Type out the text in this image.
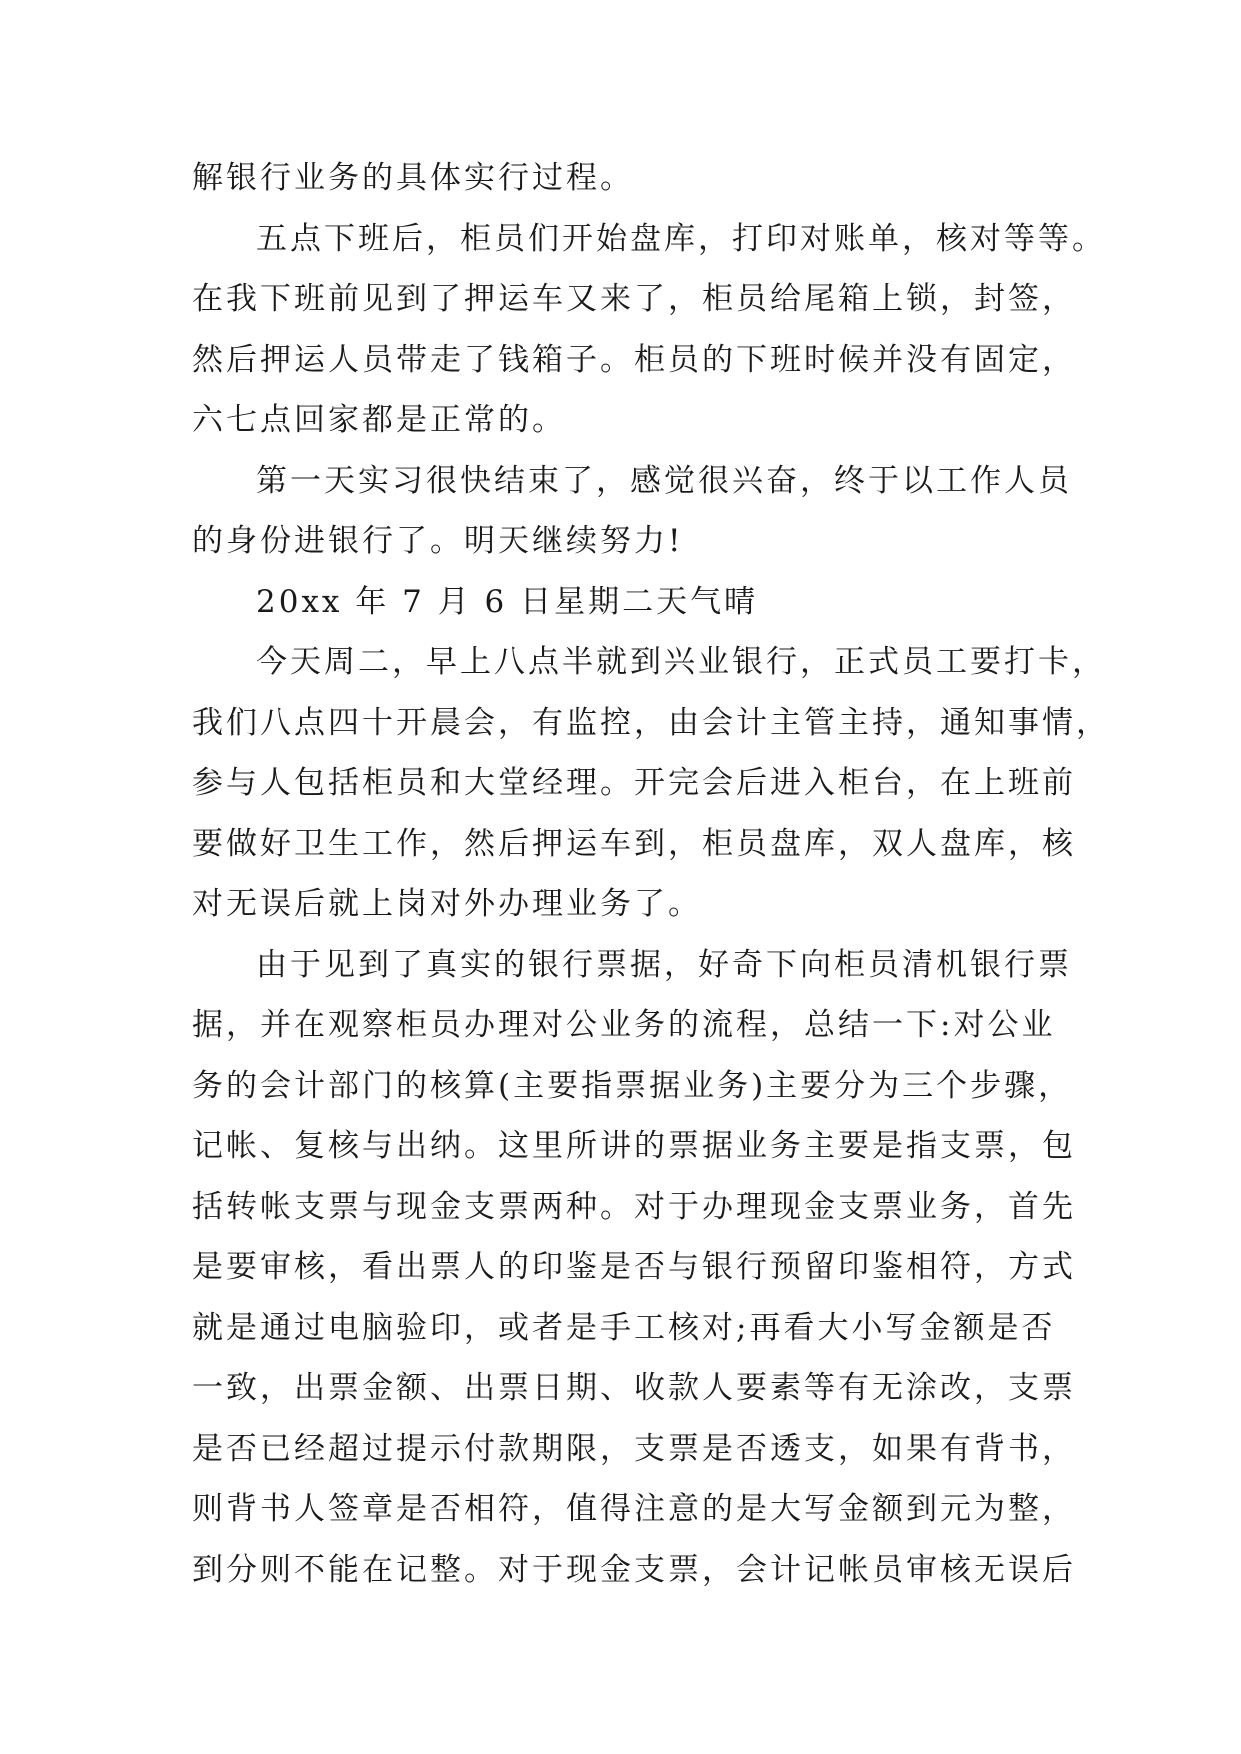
解银行业务的具体实行过程。
五点下班后，柜员们开始盘库，打印对账单，核对等等。
在我下班前见到了押运车又来了，柜员给尾箱上锁，封签，
然后押运人员带走了钱箱子。柜员的下班时候并没有固定，
六七点回家都是正常的。
第一天实习很快结束了，感觉很兴奋，终于以工作人员
的身份进银行了。明天继续努力!
20xx 年 7 月 6 日星期二天气晴
今天周二，早上八点半就到兴业银行，正式员工要打卡，
我们八点四十开晨会，有监控，由会计主管主持，通知事情，
参与人包括柜员和大堂经理。开完会后进入柜台，在上班前
要做好卫生工作，然后押运车到，柜员盘库，双人盘库，核
对无误后就上岗对外办理业务了。
由于见到了真实的银行票据，好奇下向柜员清机银行票
据，并在观察柜员办理对公业务的流程，总结一下:对公业
务的会计部门的核算(主要指票据业务)主要分为三个步骤，
记帐、复核与出纳。这里所讲的票据业务主要是指支票，包
括转帐支票与现金支票两种。对于办理现金支票业务，首先
是要审核，看出票人的印鉴是否与银行预留印鉴相符，方式
就是通过电脑验印，或者是手工核对;再看大小写金额是否
一致，出票金额、出票日期、收款人要素等有无涂改，支票
是否已经超过提示付款期限，支票是否透支，如果有背书，
则背书人签章是否相符，值得注意的是大写金额到元为整，
到分则不能在记整。对于现金支票，会计记帐员审核无误后
